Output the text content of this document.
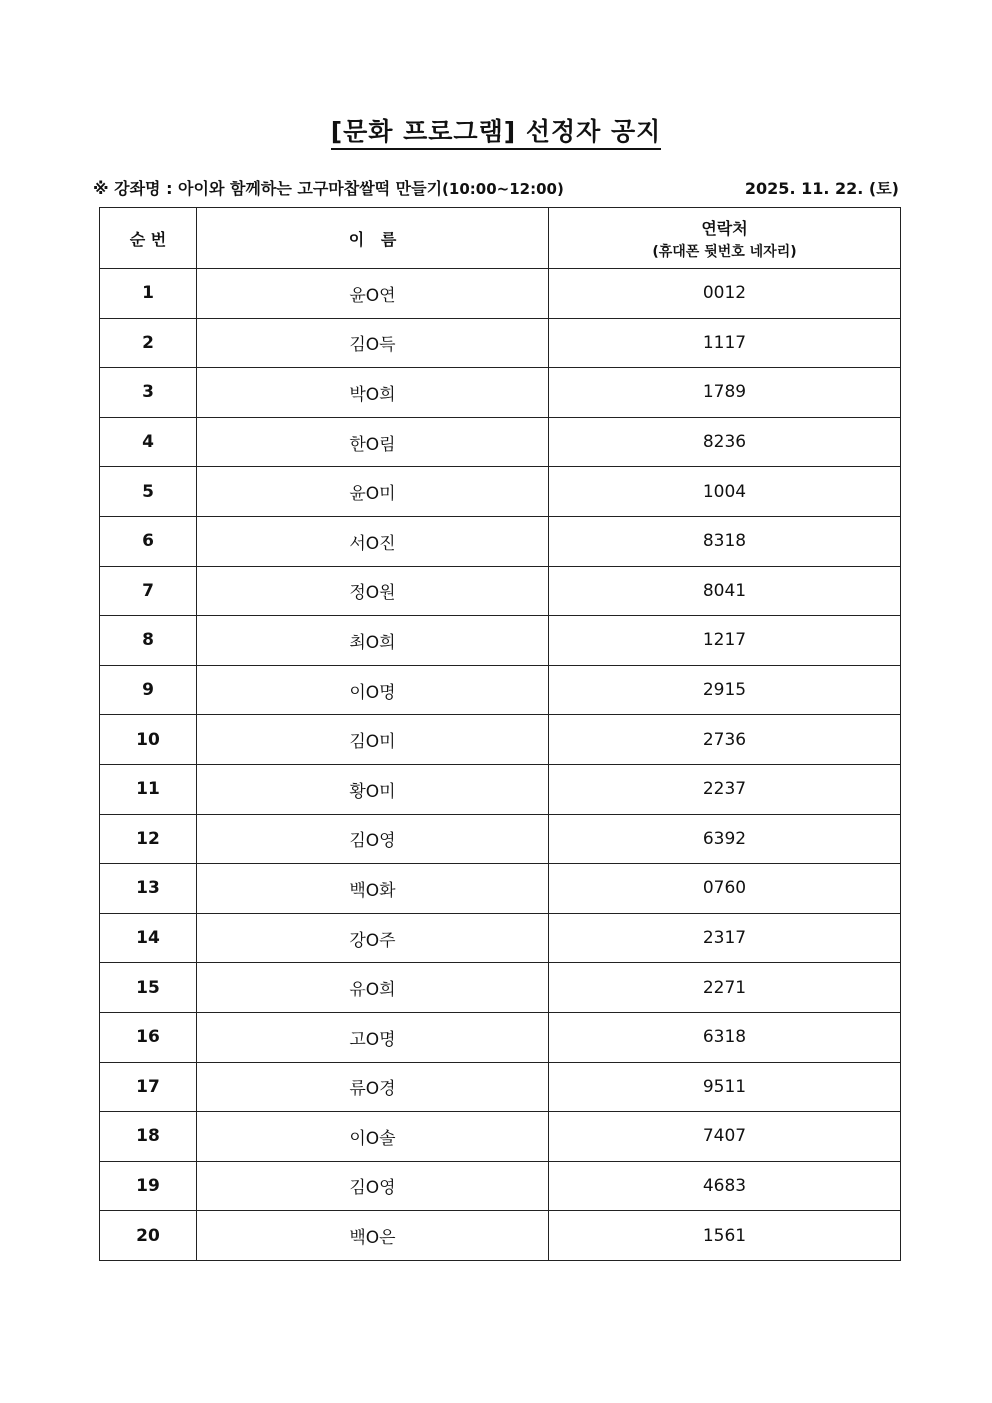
[문화 프로그램] 선정자 공지
※ 강좌명 : 아이와 함께하는 고구마찹쌀떡 만들기(10:00~12:00)	2025. 11. 22. (토)
순 번	이   름	연락처
(휴대폰 뒷번호 네자리)

1	윤O연	0012
2	김O득	1117
3	박O희	1789
4	한O림	8236
5	윤O미	1004
6	서O진	8318
7	정O원	8041
8	최O희	1217
9	이O명	2915
10	김O미	2736
11	황O미	2237
12	김O영	6392
13	백O화	0760
14	강O주	2317
15	유O희	2271
16	고O명	6318
17	류O경	9511
18	이O솔	7407
19	김O영	4683
20	백O은	1561
